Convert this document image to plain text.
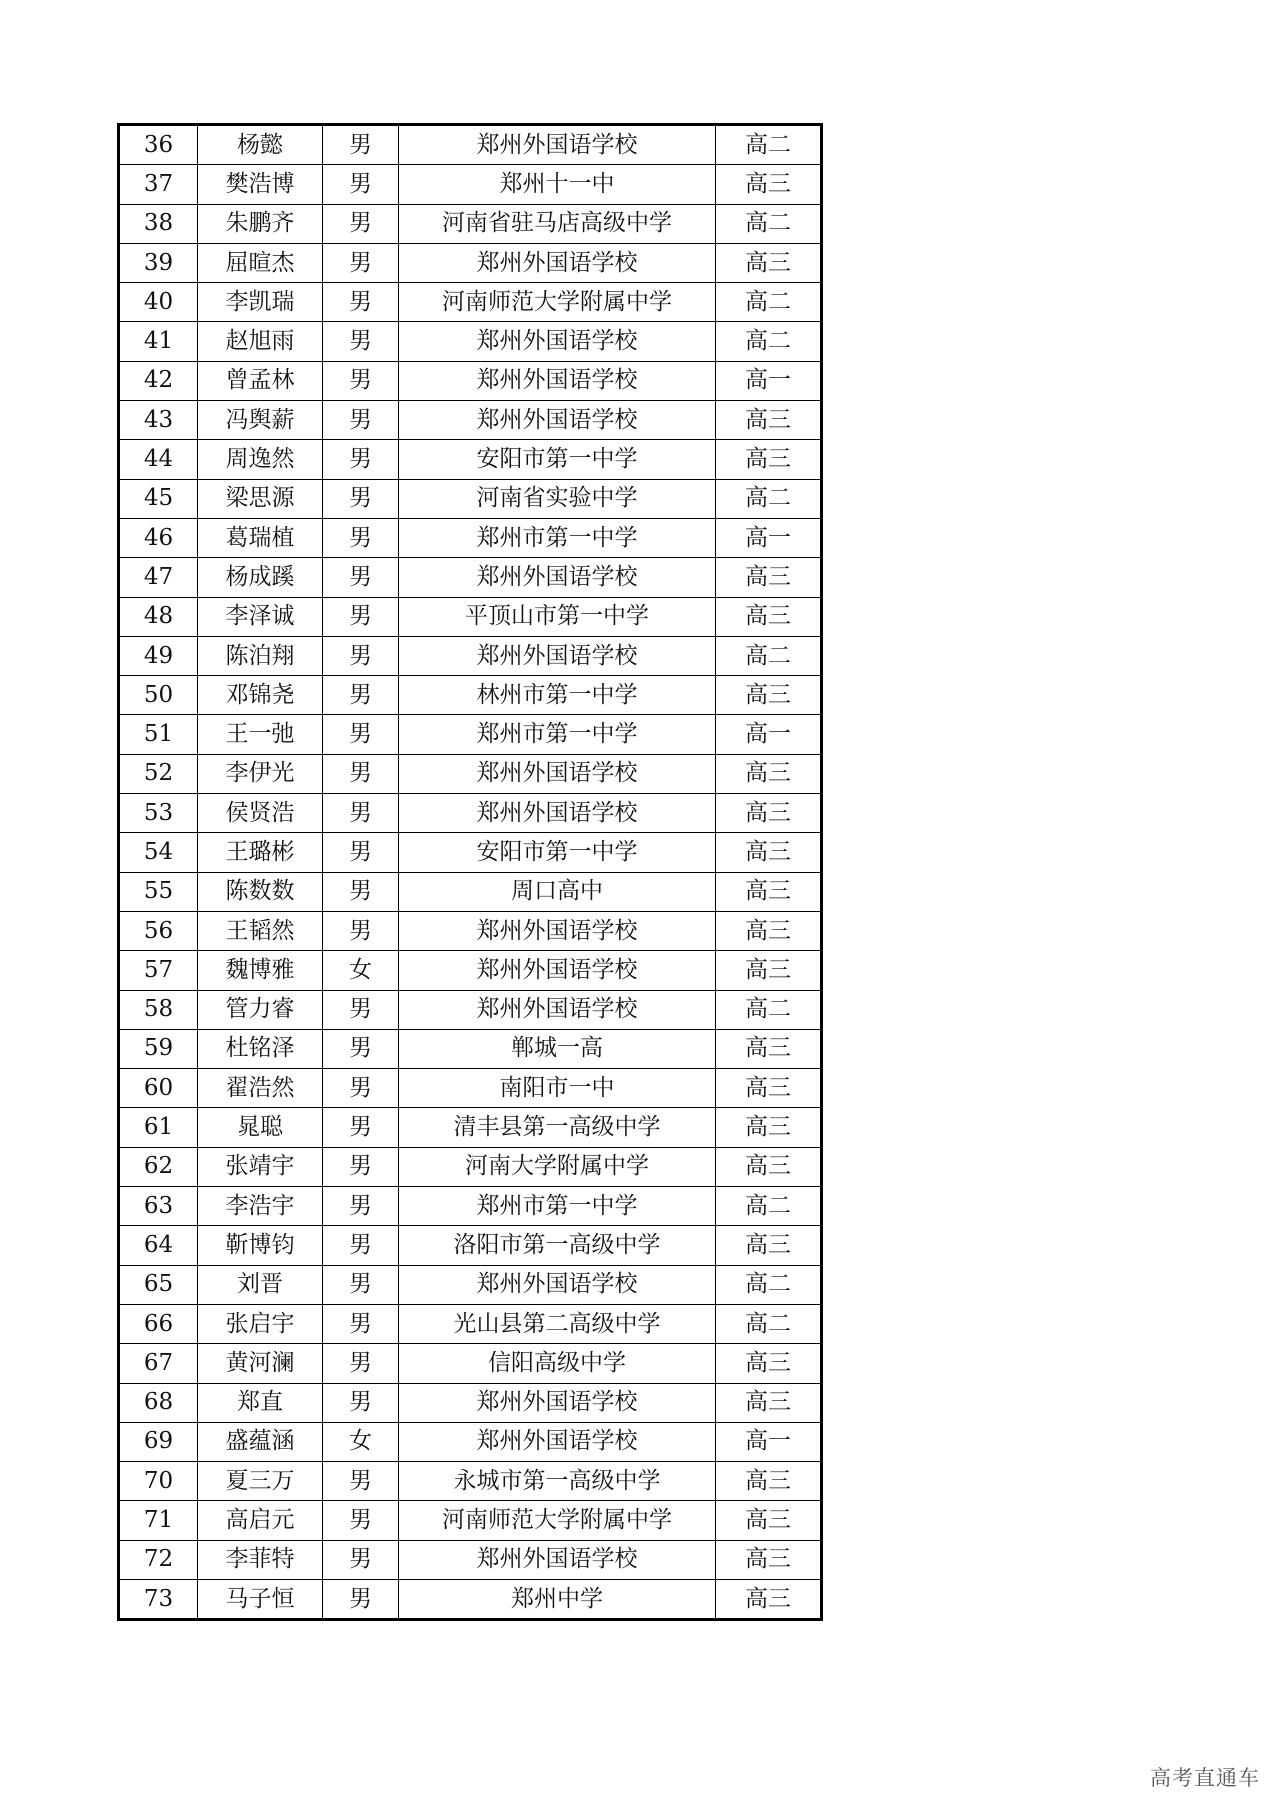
36	杨懿	男	郑州外国语学校	高二
37	樊浩博	男	郑州十一中	高三
38	朱鹏齐	男	河南省驻马店高级中学	高二
39	屈暄杰	男	郑州外国语学校	高三
40	李凯瑞	男	河南师范大学附属中学	高二
41	赵旭雨	男	郑州外国语学校	高二
42	曾孟林	男	郑州外国语学校	高一
43	冯舆薪	男	郑州外国语学校	高三
44	周逸然	男	安阳市第一中学	高三
45	梁思源	男	河南省实验中学	高二
46	葛瑞植	男	郑州市第一中学	高一
47	杨成蹊	男	郑州外国语学校	高三
48	李泽诚	男	平顶山市第一中学	高三
49	陈泊翔	男	郑州外国语学校	高二
50	邓锦尧	男	林州市第一中学	高三
51	王一弛	男	郑州市第一中学	高一
52	李伊光	男	郑州外国语学校	高三
53	侯贤浩	男	郑州外国语学校	高三
54	王璐彬	男	安阳市第一中学	高三
55	陈数数	男	周口高中	高三
56	王韬然	男	郑州外国语学校	高三
57	魏博雅	女	郑州外国语学校	高三
58	管力睿	男	郑州外国语学校	高二
59	杜铭泽	男	郸城一高	高三
60	翟浩然	男	南阳市一中	高三
61	晁聪	男	清丰县第一高级中学	高三
62	张靖宇	男	河南大学附属中学	高三
63	李浩宇	男	郑州市第一中学	高二
64	靳博钧	男	洛阳市第一高级中学	高三
65	刘晋	男	郑州外国语学校	高二
66	张启宇	男	光山县第二高级中学	高二
67	黄河澜	男	信阳高级中学	高三
68	郑直	男	郑州外国语学校	高三
69	盛蕴涵	女	郑州外国语学校	高一
70	夏三万	男	永城市第一高级中学	高三
71	高启元	男	河南师范大学附属中学	高三
72	李菲特	男	郑州外国语学校	高三
73	马子恒	男	郑州中学	高三
高考直通车
